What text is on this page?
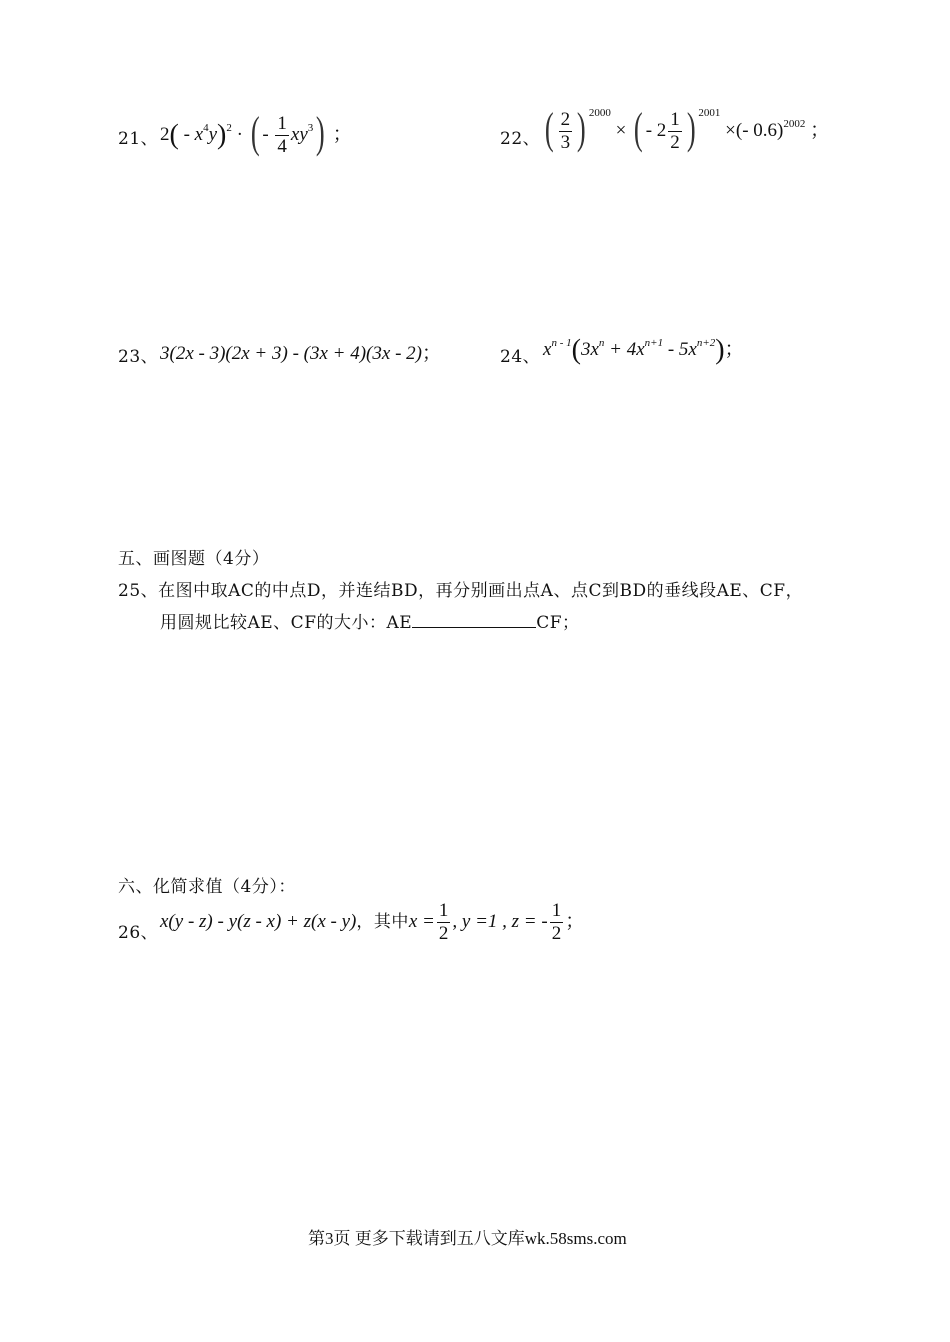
21、 $2( - x^4y)^2$ · ( - $\frac{1}{4} xy^3$) ；	22、 ( $\frac{2}{3}$ ) $^{2000}$ × ( - $2 \frac{1}{2}$ ) $^{2001}$ ×(- 0.6)$^{2002}$ ；
23、 3(2x - 3)(2x + 3) - (3x + 4)(3x - 2)；	24、 $x^{n - 1}(3x^n + 4x^{n+1} - 5x^{n+2})$；
五、画图题（4分）
25、在图中取AC的中点D，并连结BD，再分别画出点A、点C到BD的垂线段AE、CF，
用圆规比较AE、CF的大小：AE	CF；
六、化简求值（4分）：
26、
x(y - z) - y(z - x) + z(x - y)，其中$x = \frac{1}{2}$ , y =1 , z = - $\frac{1}{2}$ ；
第3页 更多下载请到五八文库wk.58sms.com
